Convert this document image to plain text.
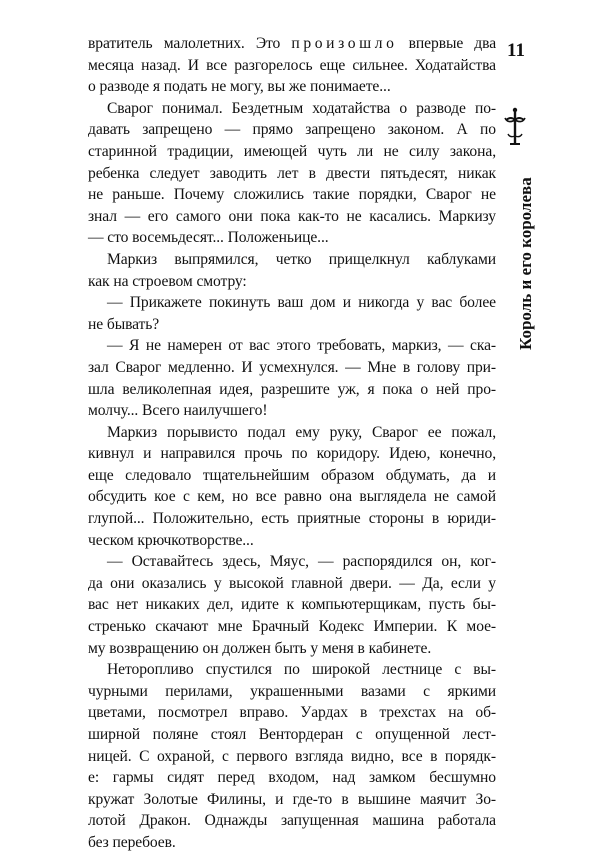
11
Король и его королева
вратитель малолетних. Это произошло впервые два
месяца назад. И все разгорелось еще сильнее. Ходатайства
о разводе я подать не могу, вы же понимаете...
Сварог понимал. Бездетным ходатайства о разводе по-
давать запрещено — прямо запрещено законом. А по
старинной традиции, имеющей чуть ли не силу закона,
ребенка следует заводить лет в двести пятьдесят, никак
не раньше. Почему сложились такие порядки, Сварог не
знал — его самого они пока как-то не касались. Маркизу
— сто восемьдесят... Положеньице...
Маркиз выпрямился, четко прищелкнул каблуками
как на строевом смотру:
— Прикажете покинуть ваш дом и никогда у вас более
не бывать?
— Я не намерен от вас этого требовать, маркиз, — ска-
зал Сварог медленно. И усмехнулся. — Мне в голову при-
шла великолепная идея, разрешите уж, я пока о ней про-
молчу... Всего наилучшего!
Маркиз порывисто подал ему руку, Сварог ее пожал,
кивнул и направился прочь по коридору. Идею, конечно,
еще следовало тщательнейшим образом обдумать, да и
обсудить кое с кем, но все равно она выглядела не самой
глупой... Положительно, есть приятные стороны в юриди-
ческом крючкотворстве...
— Оставайтесь здесь, Мяус, — распорядился он, ког-
да они оказались у высокой главной двери. — Да, если у
вас нет никаких дел, идите к компьютерщикам, пусть бы-
стренько скачают мне Брачный Кодекс Империи. К мое-
му возвращению он должен быть у меня в кабинете.
Неторопливо спустился по широкой лестнице с вы-
чурными перилами, украшенными вазами с яркими
цветами, посмотрел вправо. Уардах в трехстах на об-
ширной поляне стоял Вентордеран с опущенной лест-
ницей. С охраной, с первого взгляда видно, все в порядк-
е: гармы сидят перед входом, над замком бесшумно
кружат Золотые Филины, и где-то в вышине маячит Зо-
лотой Дракон. Однажды запущенная машина работала
без перебоев.
